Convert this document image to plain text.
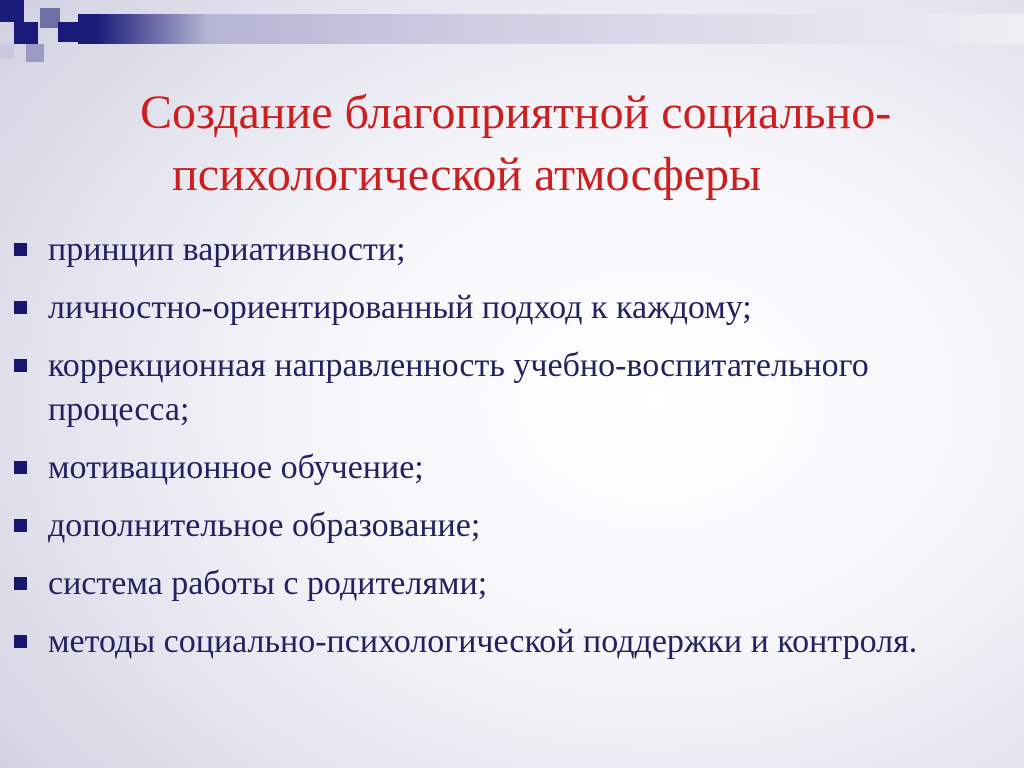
Создание благоприятной социально-
психологической атмосферы
принцип вариативности;
личностно-ориентированный подход к каждому;
коррекционная направленность учебно-воспитательного процесса;
мотивационное обучение;
дополнительное образование;
система работы с родителями;
методы социально-психологической поддержки и контроля.
